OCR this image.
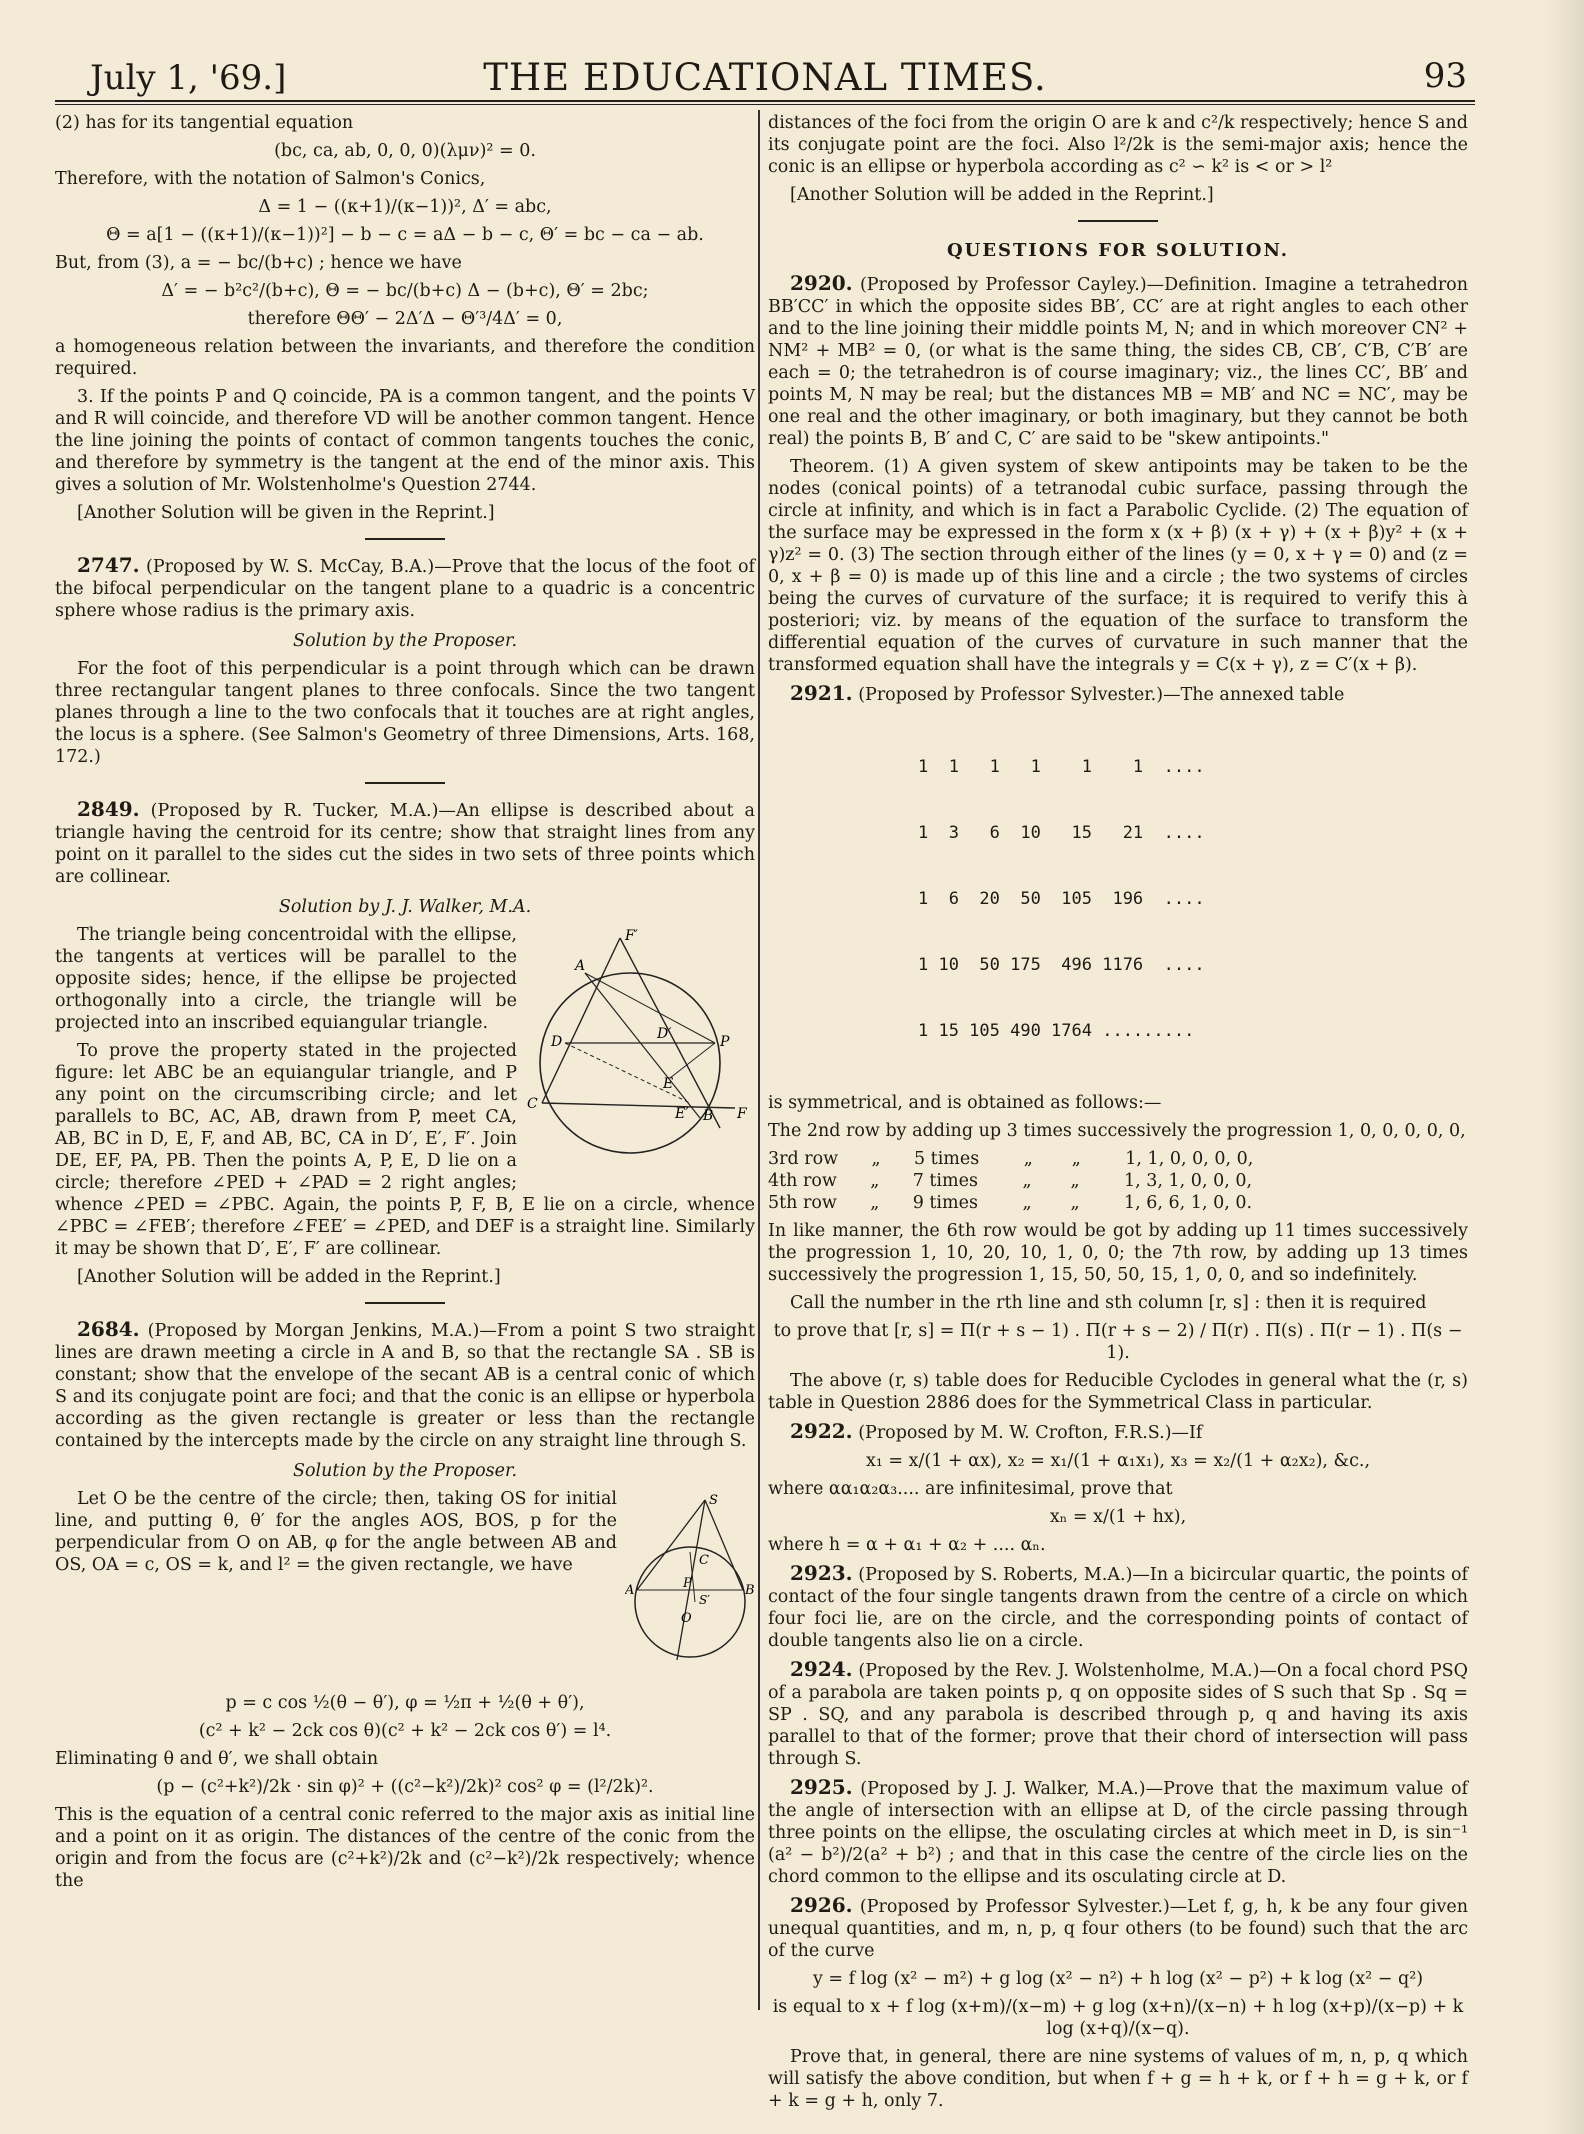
July 1, '69.]	THE EDUCATIONAL TIMES.	93

(2) has for its tangential equation

(bc, ca, ab, 0, 0, 0)(λμν)² = 0.

Therefore, with the notation of Salmon's Conics,

Δ = 1 − ((κ+1)/(κ−1))², Δ′ = abc,
Θ = a[1 − ((κ+1)/(κ−1))²] − b − c = aΔ − b − c, Θ′ = bc − ca − ab.

But, from (3), a = − bc/(b+c) ; hence we have

Δ′ = − b²c²/(b+c), Θ = − bc/(b+c) Δ − (b+c), Θ′ = 2bc;
therefore ΘΘ′ − 2Δ′Δ − Θ′³/4Δ′ = 0,

a homogeneous relation between the invariants, and therefore the condition required.

3. If the points P and Q coincide, PA is a common tangent, and the points V and R will coincide, and therefore VD will be another common tangent. Hence the line joining the points of contact of common tangents touches the conic, and therefore by symmetry is the tangent at the end of the minor axis. This gives a solution of Mr. Wolstenholme's Question 2744.

[Another Solution will be given in the Reprint.]

2747. (Proposed by W. S. McCay, B.A.)—Prove that the locus of the foot of the bifocal perpendicular on the tangent plane to a quadric is a concentric sphere whose radius is the primary axis.

Solution by the Proposer.

For the foot of this perpendicular is a point through which can be drawn three rectangular tangent planes to three confocals. Since the two tangent planes through a line to the two confocals that it touches are at right angles, the locus is a sphere. (See Salmon's Geometry of three Dimensions, Arts. 168, 172.)

2849. (Proposed by R. Tucker, M.A.)—An ellipse is described about a triangle having the centroid for its centre; show that straight lines from any point on it parallel to the sides cut the sides in two sets of three points which are collinear.

Solution by J. J. Walker, M.A.
F′
A
D	D′	P
E
C
E′ B F

The triangle being concentroidal with the ellipse, the tangents at vertices will be parallel to the opposite sides; hence, if the ellipse be projected orthogonally into a circle, the triangle will be projected into an inscribed equiangular triangle.

To prove the property stated in the projected figure: let ABC be an equiangular triangle, and P any point on the circumscribing circle; and let parallels to BC, AC, AB, drawn from P, meet CA, AB, BC in D, E, F, and AB, BC, CA in D′, E′, F′. Join DE, EF, PA, PB. Then the points A, P, E, D lie on a circle; therefore ∠PED + ∠PAD = 2 right angles; whence ∠PED = ∠PBC. Again, the points P, F, B, E lie on a circle, whence ∠PBC = ∠FEB′; therefore ∠FEE′ = ∠PED, and DEF is a straight line. Similarly it may be shown that D′, E′, F′ are collinear.

[Another Solution will be added in the Reprint.]

2684. (Proposed by Morgan Jenkins, M.A.)—From a point S two straight lines are drawn meeting a circle in A and B, so that the rectangle SA . SB is constant; show that the envelope of the secant AB is a central conic of which S and its conjugate point are foci; and that the conic is an ellipse or hyperbola according as the given rectangle is greater or less than the rectangle contained by the intercepts made by the circle on any straight line through S.

Solution by the Proposer.
S
C
P
S′
A	B
O

Let O be the centre of the circle; then, taking OS for initial line, and putting θ, θ′ for the angles AOS, BOS, p for the perpendicular from O on AB, φ for the angle between AB and OS, OA = c, OS = k, and l² = the given rectangle, we have

p = c cos ½(θ − θ′), φ = ½π + ½(θ + θ′),
(c² + k² − 2ck cos θ)(c² + k² − 2ck cos θ′) = l⁴.

Eliminating θ and θ′, we shall obtain

(p − (c²+k²)/2k · sin φ)² + ((c²−k²)/2k)² cos² φ = (l²/2k)².

This is the equation of a central conic referred to the major axis as initial line and a point on it as origin. The distances of the centre of the conic from the origin and from the focus are (c²+k²)/2k and (c²−k²)/2k respectively; whence the

distances of the foci from the origin O are k and c²/k respectively; hence S and its conjugate point are the foci. Also l²/2k is the semi-major axis; hence the conic is an ellipse or hyperbola according as c² ∽ k² is < or > l²

[Another Solution will be added in the Reprint.]

QUESTIONS FOR SOLUTION.

2920. (Proposed by Professor Cayley.)—Definition. Imagine a tetrahedron BB′CC′ in which the opposite sides BB′, CC′ are at right angles to each other and to the line joining their middle points M, N; and in which moreover CN² + NM² + MB² = 0, (or what is the same thing, the sides CB, CB′, C′B, C′B′ are each = 0; the tetrahedron is of course imaginary; viz., the lines CC′, BB′ and points M, N may be real; but the distances MB = MB′ and NC = NC′, may be one real and the other imaginary, or both imaginary, but they cannot be both real) the points B, B′ and C, C′ are said to be "skew antipoints."

Theorem. (1) A given system of skew antipoints may be taken to be the nodes (conical points) of a tetranodal cubic surface, passing through the circle at infinity, and which is in fact a Parabolic Cyclide. (2) The equation of the surface may be expressed in the form x (x + β) (x + γ) + (x + β)y² + (x + γ)z² = 0. (3) The section through either of the lines (y = 0, x + γ = 0) and (z = 0, x + β = 0) is made up of this line and a circle ; the two systems of circles being the curves of curvature of the surface; it is required to verify this à posteriori; viz. by means of the equation of the surface to transform the differential equation of the curves of curvature in such manner that the transformed equation shall have the integrals y = C(x + γ), z = C′(x + β).

2921. (Proposed by Professor Sylvester.)—The annexed table

1  1   1   1    1    1  ....

1  3   6  10   15   21  ....

1  6  20  50  105  196  ....

1 10  50 175  496 1176  ....

1 15 105 490 1764 .........

is symmetrical, and is obtained as follows:—

The 2nd row by adding up 3 times successively the progression 1, 0, 0, 0, 0, 0,

3rd row      „      5 times        „       „        1, 1, 0, 0, 0, 0,
4th row      „      7 times        „       „        1, 3, 1, 0, 0, 0,
5th row      „      9 times        „       „        1, 6, 6, 1, 0, 0.

In like manner, the 6th row would be got by adding up 11 times successively the progression 1, 10, 20, 10, 1, 0, 0; the 7th row, by adding up 13 times successively the progression 1, 15, 50, 50, 15, 1, 0, 0, and so indefinitely.

Call the number in the rth line and sth column [r, s] : then it is required

to prove that [r, s] = Π(r + s − 1) . Π(r + s − 2) / Π(r) . Π(s) . Π(r − 1) . Π(s − 1).

The above (r, s) table does for Reducible Cyclodes in general what the (r, s) table in Question 2886 does for the Symmetrical Class in particular.

2922. (Proposed by M. W. Crofton, F.R.S.)—If

x₁ = x/(1 + αx), x₂ = x₁/(1 + α₁x₁), x₃ = x₂/(1 + α₂x₂), &c.,

where αα₁α₂α₃.... are infinitesimal, prove that

xₙ = x/(1 + hx),

where h = α + α₁ + α₂ + .... αₙ.

2923. (Proposed by S. Roberts, M.A.)—In a bicircular quartic, the points of contact of the four single tangents drawn from the centre of a circle on which four foci lie, are on the circle, and the corresponding points of contact of double tangents also lie on a circle.

2924. (Proposed by the Rev. J. Wolstenholme, M.A.)—On a focal chord PSQ of a parabola are taken points p, q on opposite sides of S such that Sp . Sq = SP . SQ, and any parabola is described through p, q and having its axis parallel to that of the former; prove that their chord of intersection will pass through S.

2925. (Proposed by J. J. Walker, M.A.)—Prove that the maximum value of the angle of intersection with an ellipse at D, of the circle passing through three points on the ellipse, the osculating circles at which meet in D, is sin⁻¹ (a² − b²)/2(a² + b²) ; and that in this case the centre of the circle lies on the chord common to the ellipse and its osculating circle at D.

2926. (Proposed by Professor Sylvester.)—Let f, g, h, k be any four given unequal quantities, and m, n, p, q four others (to be found) such that the arc of the curve

y = f log (x² − m²) + g log (x² − n²) + h log (x² − p²) + k log (x² − q²)
is equal to x + f log (x+m)/(x−m) + g log (x+n)/(x−n) + h log (x+p)/(x−p) + k log (x+q)/(x−q).

Prove that, in general, there are nine systems of values of m, n, p, q which will satisfy the above condition, but when f + g = h + k, or f + h = g + k, or f + k = g + h, only 7.
